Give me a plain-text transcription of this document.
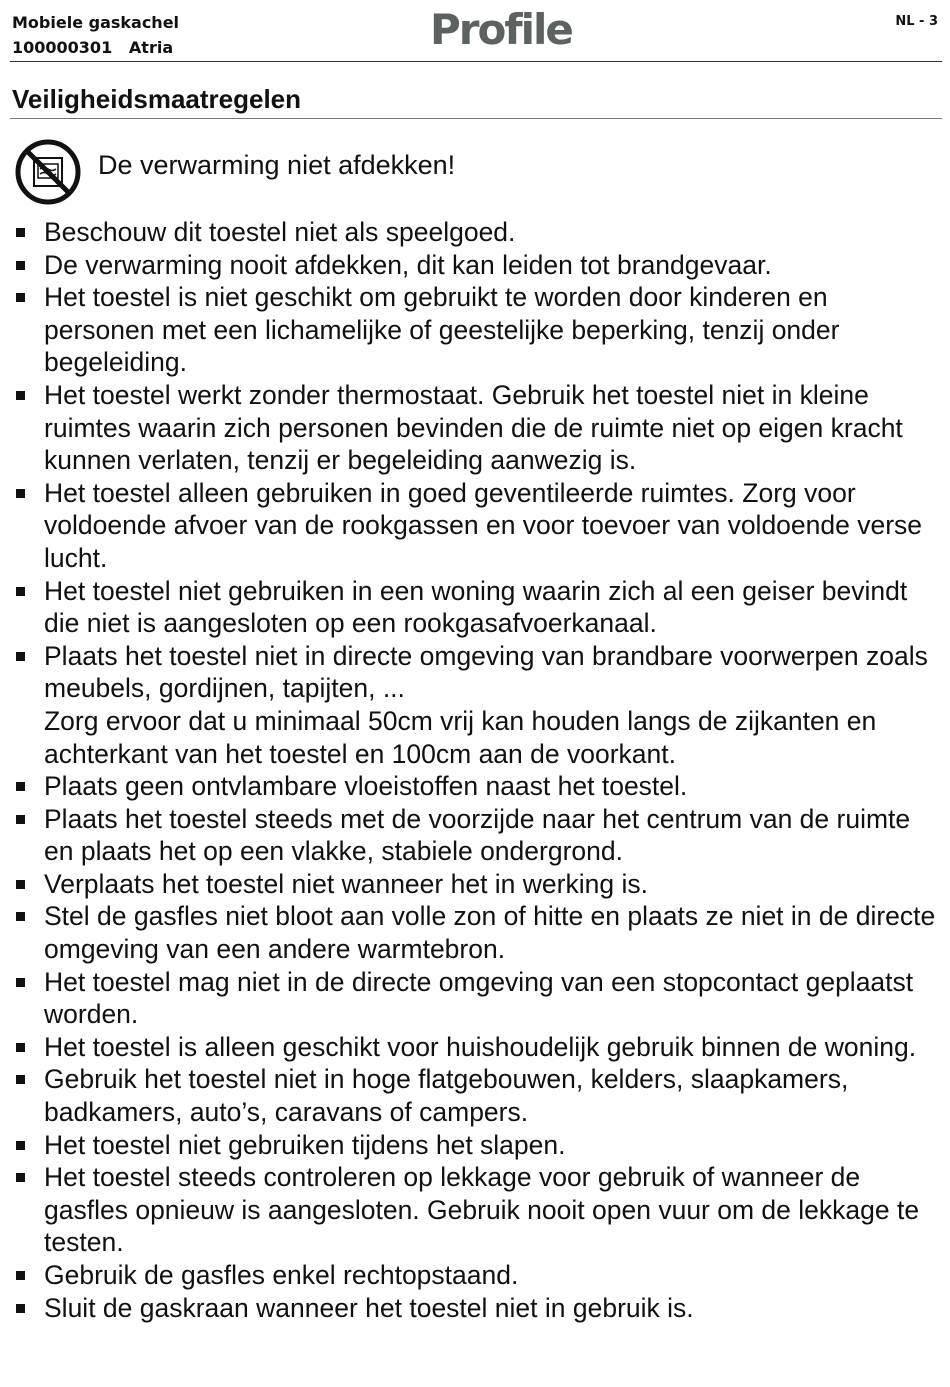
Mobiele gaskachel
100000301   Atria	Profile	NL - 3
Veiligheidsmaatregelen
De verwarming niet afdekken!
Beschouw dit toestel niet als speelgoed.
De verwarming nooit afdekken, dit kan leiden tot brandgevaar.
Het toestel is niet geschikt om gebruikt te worden door kinderen en personen met een lichamelijke of geestelijke beperking, tenzij onder begeleiding.
Het toestel werkt zonder thermostaat. Gebruik het toestel niet in kleine ruimtes waarin zich personen bevinden die de ruimte niet op eigen kracht kunnen verlaten, tenzij er begeleiding aanwezig is.
Het toestel alleen gebruiken in goed geventileerde ruimtes. Zorg voor voldoende afvoer van de rookgassen en voor toevoer van voldoende verse lucht.
Het toestel niet gebruiken in een woning waarin zich al een geiser bevindt die niet is aangesloten op een rookgasafvoerkanaal.
Plaats het toestel niet in directe omgeving van brandbare voorwerpen zoals meubels, gordijnen, tapijten, ...
Zorg ervoor dat u minimaal 50cm vrij kan houden langs de zijkanten en achterkant van het toestel en 100cm aan de voorkant.
Plaats geen ontvlambare vloeistoffen naast het toestel.
Plaats het toestel steeds met de voorzijde naar het centrum van de ruimte en plaats het op een vlakke, stabiele ondergrond.
Verplaats het toestel niet wanneer het in werking is.
Stel de gasfles niet bloot aan volle zon of hitte en plaats ze niet in de directe omgeving van een andere warmtebron.
Het toestel mag niet in de directe omgeving van een stopcontact geplaatst worden.
Het toestel is alleen geschikt voor huishoudelijk gebruik binnen de woning.
Gebruik het toestel niet in hoge flatgebouwen, kelders, slaapkamers, badkamers, auto’s, caravans of campers.
Het toestel niet gebruiken tijdens het slapen.
Het toestel steeds controleren op lekkage voor gebruik of wanneer de gasfles opnieuw is aangesloten. Gebruik nooit open vuur om de lekkage te testen.
Gebruik de gasfles enkel rechtopstaand.
Sluit de gaskraan wanneer het toestel niet in gebruik is.
